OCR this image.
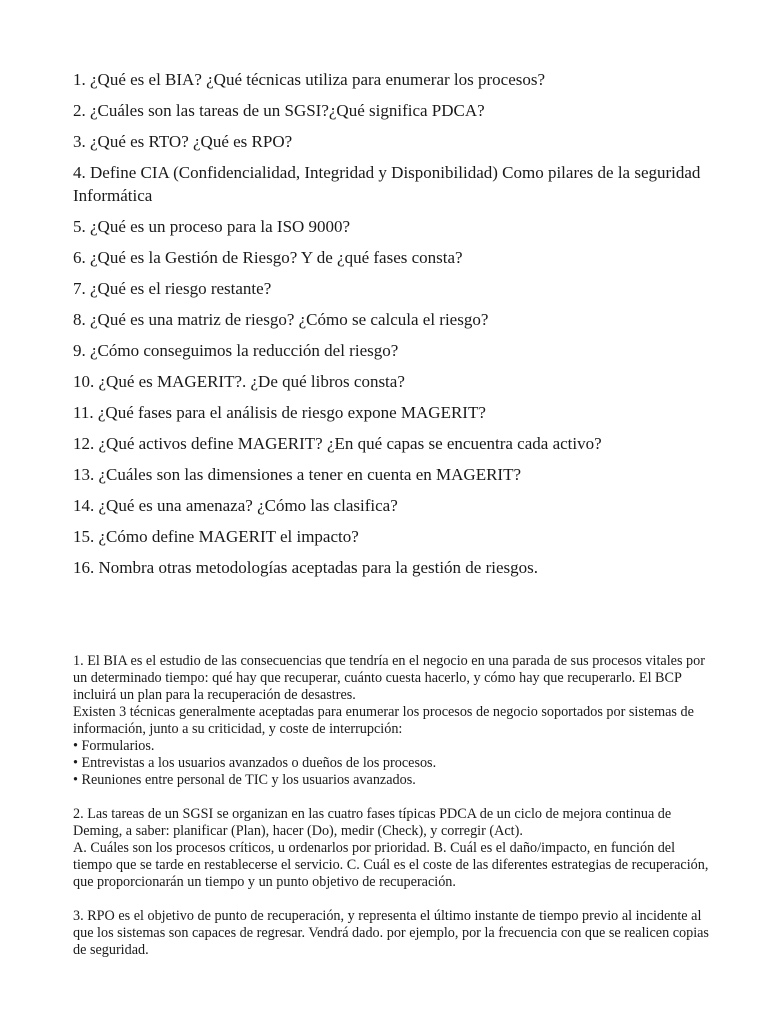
1. ¿Qué es el BIA? ¿Qué técnicas utiliza para enumerar los procesos?
2. ¿Cuáles son las tareas de un SGSI?¿Qué significa PDCA?
3. ¿Qué es RTO? ¿Qué es RPO?
4. Define CIA (Confidencialidad, Integridad y Disponibilidad) Como pilares de la seguridad Informática
5. ¿Qué es un proceso para la ISO 9000?
6. ¿Qué es la Gestión de Riesgo? Y de ¿qué fases consta?
7. ¿Qué es el riesgo restante?
8. ¿Qué es una matriz de riesgo? ¿Cómo se calcula el riesgo?
9. ¿Cómo conseguimos la reducción del riesgo?
10. ¿Qué es MAGERIT?. ¿De qué libros consta?
11. ¿Qué fases para el análisis de riesgo expone MAGERIT?
12. ¿Qué activos define MAGERIT? ¿En qué capas se encuentra cada activo?
13. ¿Cuáles son las dimensiones a tener en cuenta en MAGERIT?
14. ¿Qué es una amenaza? ¿Cómo las clasifica?
15. ¿Cómo define MAGERIT el impacto?
16. Nombra otras metodologías aceptadas para la gestión de riesgos.

1. El BIA es el estudio de las consecuencias que tendría en el negocio en una parada de sus procesos vitales por un determinado tiempo: qué hay que recuperar, cuánto cuesta hacerlo, y cómo hay que recuperarlo. El BCP incluirá un plan para la recuperación de desastres.
Existen 3 técnicas generalmente aceptadas para enumerar los procesos de negocio soportados por sistemas de información, junto a su criticidad, y coste de interrupción:
• Formularios.
• Entrevistas a los usuarios avanzados o dueños de los procesos.
• Reuniones entre personal de TIC y los usuarios avanzados.

2. Las tareas de un SGSI se organizan en las cuatro fases típicas PDCA de un ciclo de mejora continua de Deming, a saber: planificar (Plan), hacer (Do), medir (Check), y corregir (Act).
A. Cuáles son los procesos críticos, u ordenarlos por prioridad. B. Cuál es el daño/impacto, en función del tiempo que se tarde en restablecerse el servicio. C. Cuál es el coste de las diferentes estrategias de recuperación, que proporcionarán un tiempo y un punto objetivo de recuperación.

3. RPO es el objetivo de punto de recuperación, y representa el último instante de tiempo previo al incidente al que los sistemas son capaces de regresar. Vendrá dado. por ejemplo, por la frecuencia con que se realicen copias de seguridad.
